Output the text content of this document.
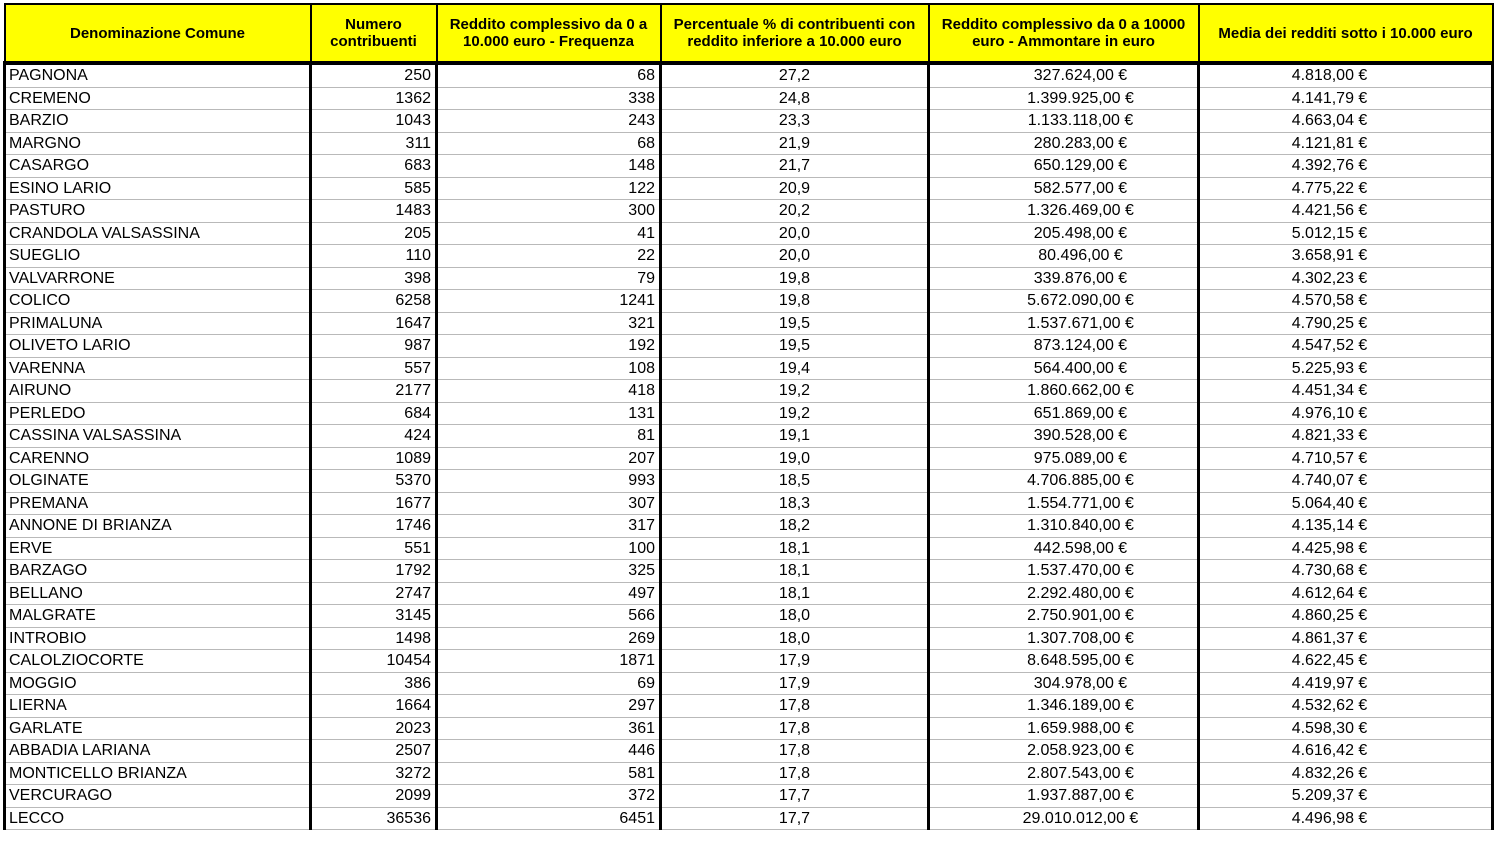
Denominazione Comune	Numero contribuenti	Reddito complessivo da 0 a 10.000 euro - Frequenza	Percentuale % di contribuenti con reddito inferiore a 10.000 euro	Reddito complessivo da 0 a 10000 euro - Ammontare in euro	Media dei redditi sotto i 10.000 euro
PAGNONA	250	68	27,2	327.624,00 €	4.818,00 €
CREMENO	1362	338	24,8	1.399.925,00 €	4.141,79 €
BARZIO	1043	243	23,3	1.133.118,00 €	4.663,04 €
MARGNO	311	68	21,9	280.283,00 €	4.121,81 €
CASARGO	683	148	21,7	650.129,00 €	4.392,76 €
ESINO LARIO	585	122	20,9	582.577,00 €	4.775,22 €
PASTURO	1483	300	20,2	1.326.469,00 €	4.421,56 €
CRANDOLA VALSASSINA	205	41	20,0	205.498,00 €	5.012,15 €
SUEGLIO	110	22	20,0	80.496,00 €	3.658,91 €
VALVARRONE	398	79	19,8	339.876,00 €	4.302,23 €
COLICO	6258	1241	19,8	5.672.090,00 €	4.570,58 €
PRIMALUNA	1647	321	19,5	1.537.671,00 €	4.790,25 €
OLIVETO LARIO	987	192	19,5	873.124,00 €	4.547,52 €
VARENNA	557	108	19,4	564.400,00 €	5.225,93 €
AIRUNO	2177	418	19,2	1.860.662,00 €	4.451,34 €
PERLEDO	684	131	19,2	651.869,00 €	4.976,10 €
CASSINA VALSASSINA	424	81	19,1	390.528,00 €	4.821,33 €
CARENNO	1089	207	19,0	975.089,00 €	4.710,57 €
OLGINATE	5370	993	18,5	4.706.885,00 €	4.740,07 €
PREMANA	1677	307	18,3	1.554.771,00 €	5.064,40 €
ANNONE DI BRIANZA	1746	317	18,2	1.310.840,00 €	4.135,14 €
ERVE	551	100	18,1	442.598,00 €	4.425,98 €
BARZAGO	1792	325	18,1	1.537.470,00 €	4.730,68 €
BELLANO	2747	497	18,1	2.292.480,00 €	4.612,64 €
MALGRATE	3145	566	18,0	2.750.901,00 €	4.860,25 €
INTROBIO	1498	269	18,0	1.307.708,00 €	4.861,37 €
CALOLZIOCORTE	10454	1871	17,9	8.648.595,00 €	4.622,45 €
MOGGIO	386	69	17,9	304.978,00 €	4.419,97 €
LIERNA	1664	297	17,8	1.346.189,00 €	4.532,62 €
GARLATE	2023	361	17,8	1.659.988,00 €	4.598,30 €
ABBADIA LARIANA	2507	446	17,8	2.058.923,00 €	4.616,42 €
MONTICELLO BRIANZA	3272	581	17,8	2.807.543,00 €	4.832,26 €
VERCURAGO	2099	372	17,7	1.937.887,00 €	5.209,37 €
LECCO	36536	6451	17,7	29.010.012,00 €	4.496,98 €
